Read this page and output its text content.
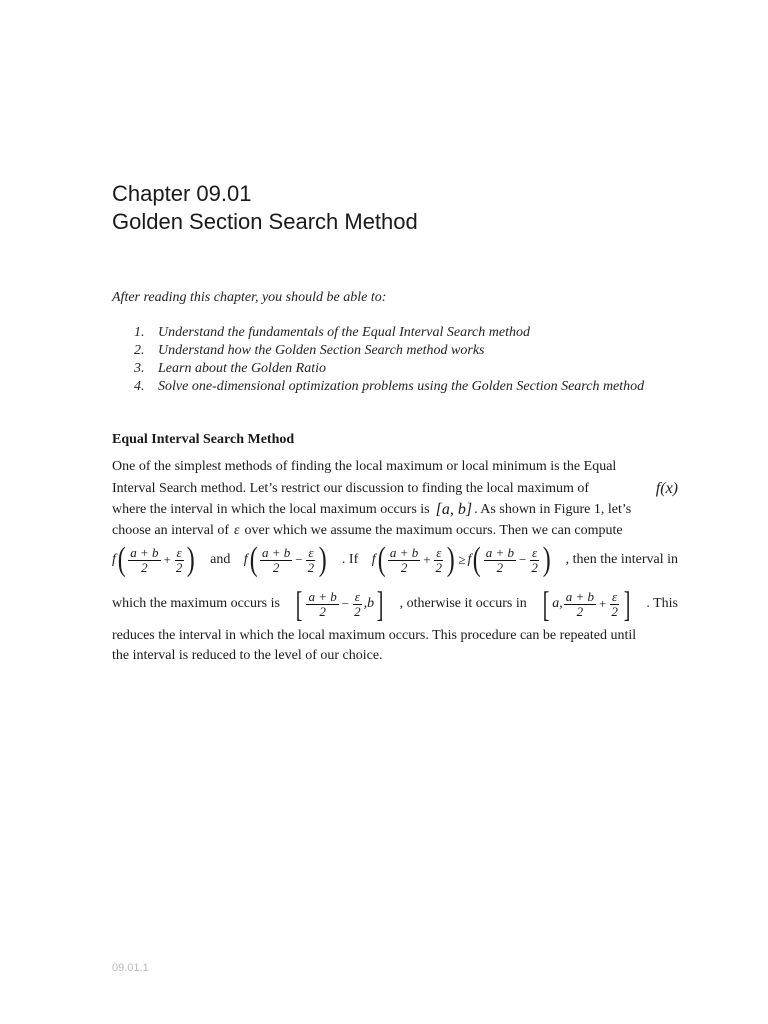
Chapter 09.01
Golden Section Search Method
After reading this chapter, you should be able to:
1. Understand the fundamentals of the Equal Interval Search method
2. Understand how the Golden Section Search method works
3. Learn about the Golden Ratio
4. Solve one-dimensional optimization problems using the Golden Section Search method
Equal Interval Search Method
One of the simplest methods of finding the local maximum or local minimum is the Equal
Interval Search method. Let’s restrict our discussion to finding the local maximum of	f(x)
where the interval in which the local maximum occurs is [a, b] . As shown in Figure 1, let’s
choose an interval of ε over which we assume the maximum occurs. Then we can compute
f ( $\frac{a + b}{2} + \frac{\varepsilon}{2}$ ) and f ( $\frac{a + b}{2} - \frac{\varepsilon}{2}$ ) . If f ( $\frac{a + b}{2} + \frac{\varepsilon}{2}$ ) ≥ f ( $\frac{a + b}{2} - \frac{\varepsilon}{2}$ ) , then the interval in
which the maximum occurs is [ $\frac{a + b}{2} - \frac{\varepsilon}{2} ,b$ ] , otherwise it occurs in [ a, $\frac{a + b}{2} + \frac{\varepsilon}{2}$ ] . This
reduces the interval in which the local maximum occurs. This procedure can be repeated until
the interval is reduced to the level of our choice.
09.01.1
